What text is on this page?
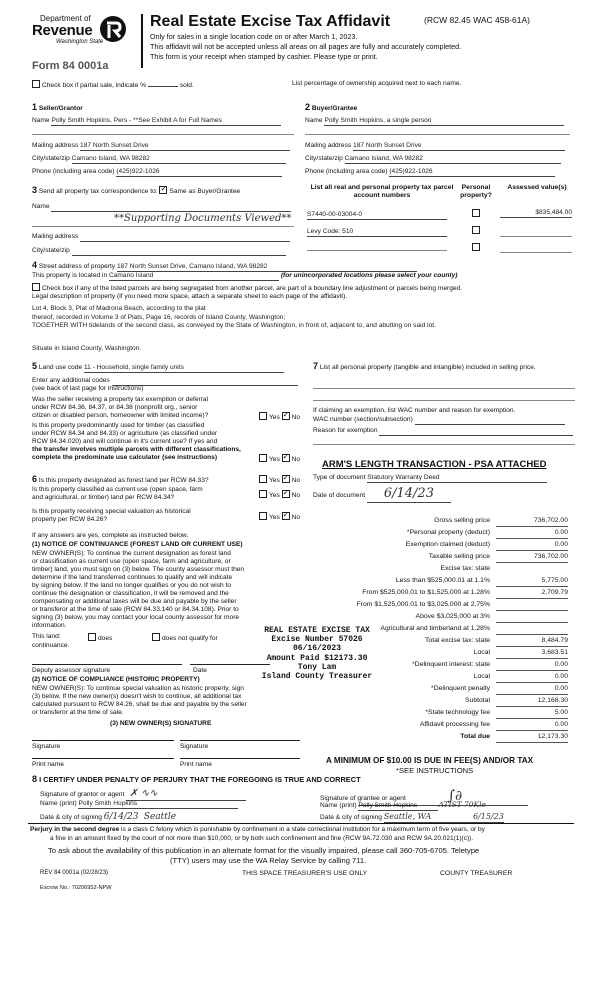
Department of
Revenue
Washington State
Form 84 0001a
Real Estate Excise Tax Affidavit	(RCW 82.45 WAC 458-61A)
Only for sales in a single location code on or after March 1, 2023.
This affidavit will not be accepted unless all areas on all pages are fully and accurately completed.
This form is your receipt when stamped by cashier. Please type or print.
Check box if partial sale, indicate %	sold.	List percentage of ownership acquired next to each name.
1 Seller/Grantor
Name Polly Smith Hopkins, Pers - **See Exhibit A for Full Names
Mailing address 187 North Sunset Drive
City/state/zip Camano Island, WA 98282
Phone (including area code) (425)922-1026
2 Buyer/Grantee
Name Polly Smith Hopkins, a single person
Mailing address 187 North Sunset Drive
City/state/zip Camano Island, WA 98282
Phone (including area code) (425)922-1026
3 Send all property tax correspondence to: ✓ Same as Buyer/Grantee
Name
**Supporting Documents Viewed**
Mailing address
City/state/zip
List all real and personal property tax parcel account numbers
Personal property?
Assessed value(s)
S7440-00-03004-0	$835,484.00
Levy Code: 510
4 Street address of property 187 North Sunset Drive, Camano Island, WA 98282
This property is located in Camano Island	(for unincorporated locations please select your county)
Check box if any of the listed parcels are being segregated from another parcel, are part of a boundary line adjustment or parcels being merged.
Legal description of property (if you need more space, attach a separate sheet to each page of the affidavit).
Lot 4, Block 3, Plat of Madrona Beach, according to the plat
thereof, recorded in Volume 3 of Plats, Page 16, records of Island County, Washington;
TOGETHER WITH tidelands of the second class, as conveyed by the State of Washington, in front of, adjacent to, and abutting on said lot.
Situate in Island County, Washington.
5 Land use code 11 - Household, single family units
Enter any additional codes
(see back of last page for instructions)
Was the seller receiving a property tax exemption or deferral
under RCW 84.36, 84.37, or 84.38 (nonprofit org., senior
citizen or disabled person, homeowner with limited income)?	Yes ✓ No
Is this property predominantly used for timber (as classified
under RCW 84.34 and 84.33) or agriculture (as classified under
RCW 84.34.020) and will continue in it's current use? If yes and
the transfer involves multiple parcels with different classifications,
complete the predominate use calculator (see instructions)	Yes ✓ No
7 List all personal property (tangible and intangible) included in selling price.
If claiming an exemption, list WAC number and reason for exemption.
WAC number (section/subsection)
Reason for exemption
ARM'S LENGTH TRANSACTION - PSA ATTACHED
Type of document Statutory Warranty Deed
Date of document 6/14/23
6 Is this property designated as forest land per RCW 84.33?	Yes ✓ No
Is this property classified as current use (open space, farm
and agricultural, or timber) land per RCW 84.34?	Yes ✓ No
Is this property receiving special valuation as historical
property per RCW 84.26?	Yes ✓ No
If any answers are yes, complete as instructed below.
(1) NOTICE OF CONTINUANCE (FOREST LAND OR CURRENT USE)
NEW OWNER(S): To continue the current designation as forest land
or classification as current use (open space, farm and agriculture, or
timber) land, you must sign on (3) below. The county assessor must then
determine if the land transferred continues to qualify and will indicate
by signing below. If the land no longer qualifies or you do not wish to
continue the designation or classification, it will be removed and the
compensating or additional taxes will be due and payable by the seller
or transferor at the time of sale (RCW 84.33.140 or 84.34.108). Prior to
signing (3) below, you may contact your local county assessor for more
information.
This land:	does	does not qualify for
continuance.
Deputy assessor signature	Date
(2) NOTICE OF COMPLIANCE (HISTORIC PROPERTY)
NEW OWNER(S): To continue special valuation as historic property, sign
(3) below. If the new owner(s) doesn't wish to continue, all additional tax
calculated pursuant to RCW 84.26, shall be due and payable by the seller
or transferor at the time of sale.
(3) NEW OWNER(S) SIGNATURE
Signature	Signature
Print name	Print name
REAL ESTATE EXCISE TAX
Excise Number 57026
06/16/2023
Amount Paid $12173.30
Tony Lam
Island County Treasurer
Gross selling price	736,702.00
*Personal property (deduct)	0.00
Exemption claimed (deduct)	0.00
Taxable selling price	736,702.00
Excise tax: state
Less than $525,000.01 at 1.1%	5,775.00
From $525,000.01 to $1,525,000 at 1.28%	2,709.79
From $1,525,000.01 to $3,025,000 at 2.75%
Above $3,025,000 at 3%
Agricultural and timberland at 1.28%
Total excise tax: state	8,484.79
Local	3,683.51
*Delinquent interest: state	0.00
Local	0.00
*Delinquent penalty	0.00
Subtotal	12,168.30
*State technology fee	5.00
Affidavit processing fee	0.00
Total due	12,173.30
A MINIMUM OF $10.00 IS DUE IN FEE(S) AND/OR TAX
*SEE INSTRUCTIONS
8 I CERTIFY UNDER PENALTY OF PERJURY THAT THE FOREGOING IS TRUE AND CORRECT
Signature of grantor or agent  ✗ ∿∿
Name (print) Polly Smith Hopkins
Date & city of signing 6/14/23 Seattle
Signature of grantee or agent          ∫∂
Name (print) Polly Smith Hopkins	ATIST 70Kle
Date & city of signing Seattle, WA	6/15/23
Perjury in the second degree is a class C felony which is punishable by confinement in a state correctional institution for a maximum term of five years, or by
a fine in an amount fixed by the court of not more than $10,000, or by both such confinement and fine (RCW 9A.72.030 and RCW 9A.20.021(1)(c)).
To ask about the availability of this publication in an alternate format for the visually impaired, please call 360-705-6705. Teletype
(TTY) users may use the WA Relay Service by calling 711.
REV 84 0001a (02/28/23)	THIS SPACE TREASURER'S USE ONLY	COUNTY TREASURER
Escrow No.: 70206952-NPW
